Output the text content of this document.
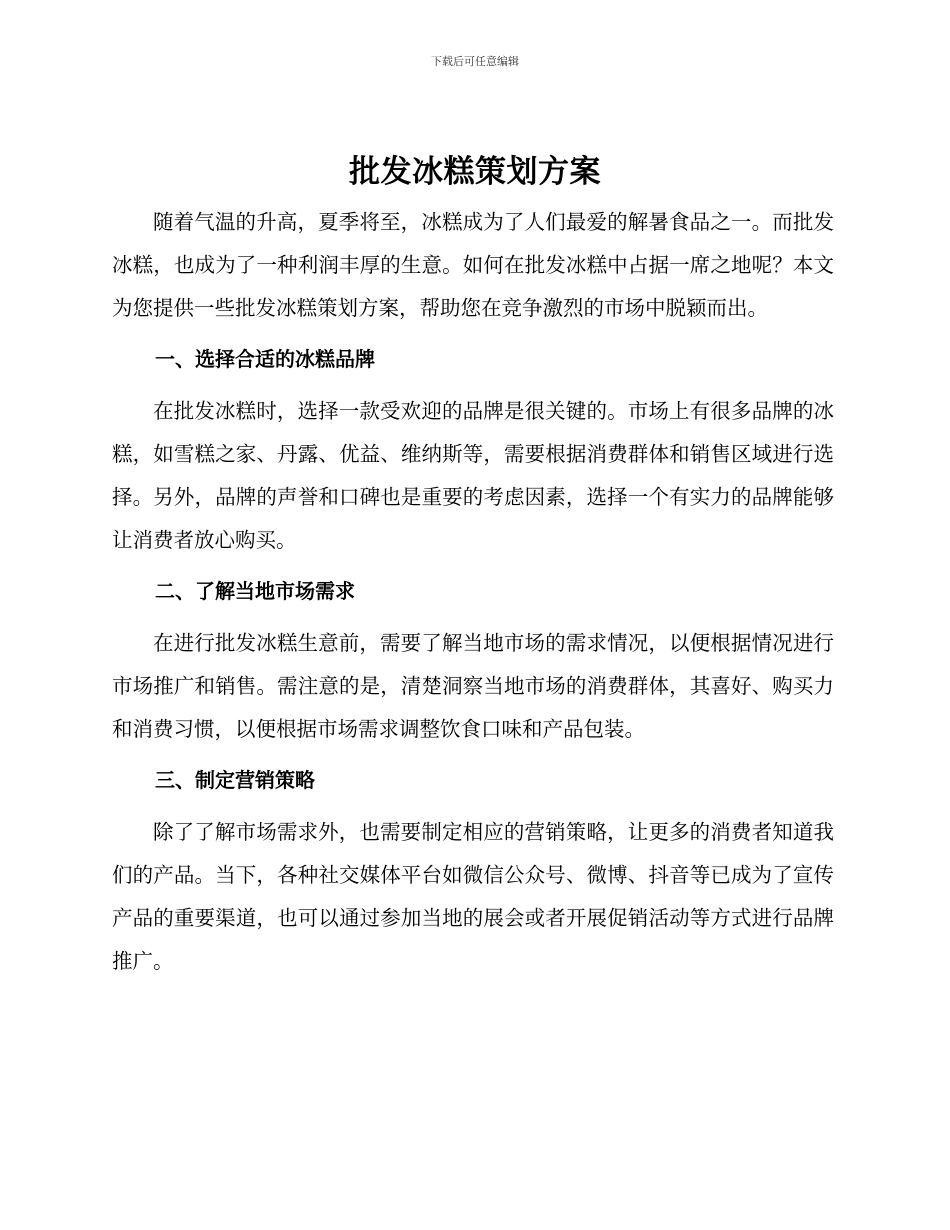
下载后可任意编辑
批发冰糕策划方案

随着气温的升高，夏季将至，冰糕成为了人们最爱的解暑食品之一。而批发冰糕，也成为了一种利润丰厚的生意。如何在批发冰糕中占据一席之地呢？本文为您提供一些批发冰糕策划方案，帮助您在竞争激烈的市场中脱颖而出。

一、选择合适的冰糕品牌

在批发冰糕时，选择一款受欢迎的品牌是很关键的。市场上有很多品牌的冰糕，如雪糕之家、丹露、优益、维纳斯等，需要根据消费群体和销售区域进行选择。另外，品牌的声誉和口碑也是重要的考虑因素，选择一个有实力的品牌能够让消费者放心购买。

二、了解当地市场需求

在进行批发冰糕生意前，需要了解当地市场的需求情况，以便根据情况进行市场推广和销售。需注意的是，清楚洞察当地市场的消费群体，其喜好、购买力和消费习惯，以便根据市场需求调整饮食口味和产品包装。

三、制定营销策略

除了了解市场需求外，也需要制定相应的营销策略，让更多的消费者知道我们的产品。当下，各种社交媒体平台如微信公众号、微博、抖音等已成为了宣传产品的重要渠道，也可以通过参加当地的展会或者开展促销活动等方式进行品牌推广。
